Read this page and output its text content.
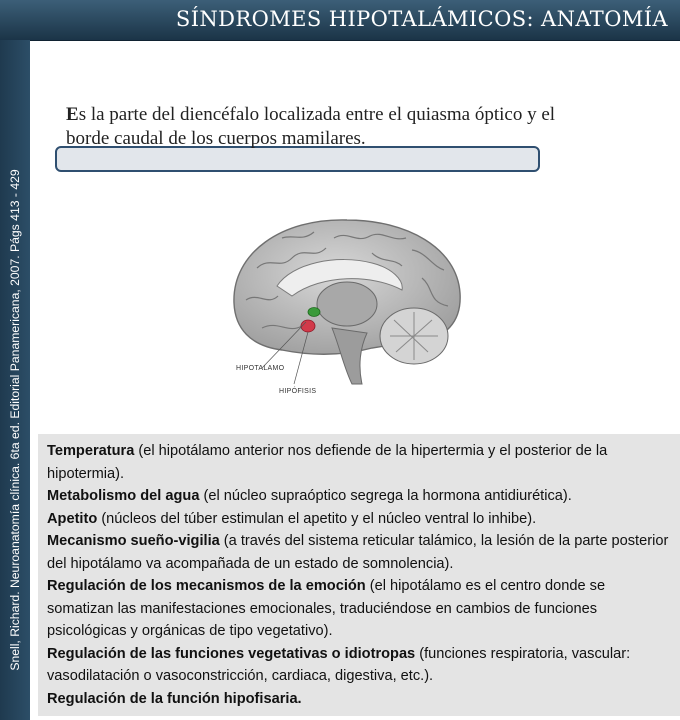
SÍNDROMES HIPOTALÁMICOS: ANATOMÍA
Snell, Richard. Neuroanatomía clínica. 6ta ed. Editorial Panamericana, 2007. Págs 413 - 429
Es la parte del diencéfalo localizada entre el quiasma óptico y el borde caudal de los cuerpos mamilares.
HIPOTALAMO
HIPÓFISIS

Temperatura (el hipotálamo anterior nos defiende de la hipertermia y el posterior de la hipotermia).

Metabolismo del agua (el núcleo supraóptico segrega la hormona antidiurética).

Apetito (núcleos del túber estimulan el apetito y el núcleo ventral lo inhibe).

Mecanismo sueño-vigilia (a través del sistema reticular talámico, la lesión de la parte posterior del hipotálamo va acompañada de un estado de somnolencia).

Regulación de los mecanismos de la emoción (el hipotálamo es el centro donde se somatizan las manifestaciones emocionales, traduciéndose en cambios de funciones psicológicas y orgánicas de tipo vegetativo).

Regulación de las funciones vegetativas o idiotropas (funciones respiratoria, vascular: vasodilatación o vasoconstricción, cardiaca, digestiva, etc.).

Regulación de la función hipofisaria.
